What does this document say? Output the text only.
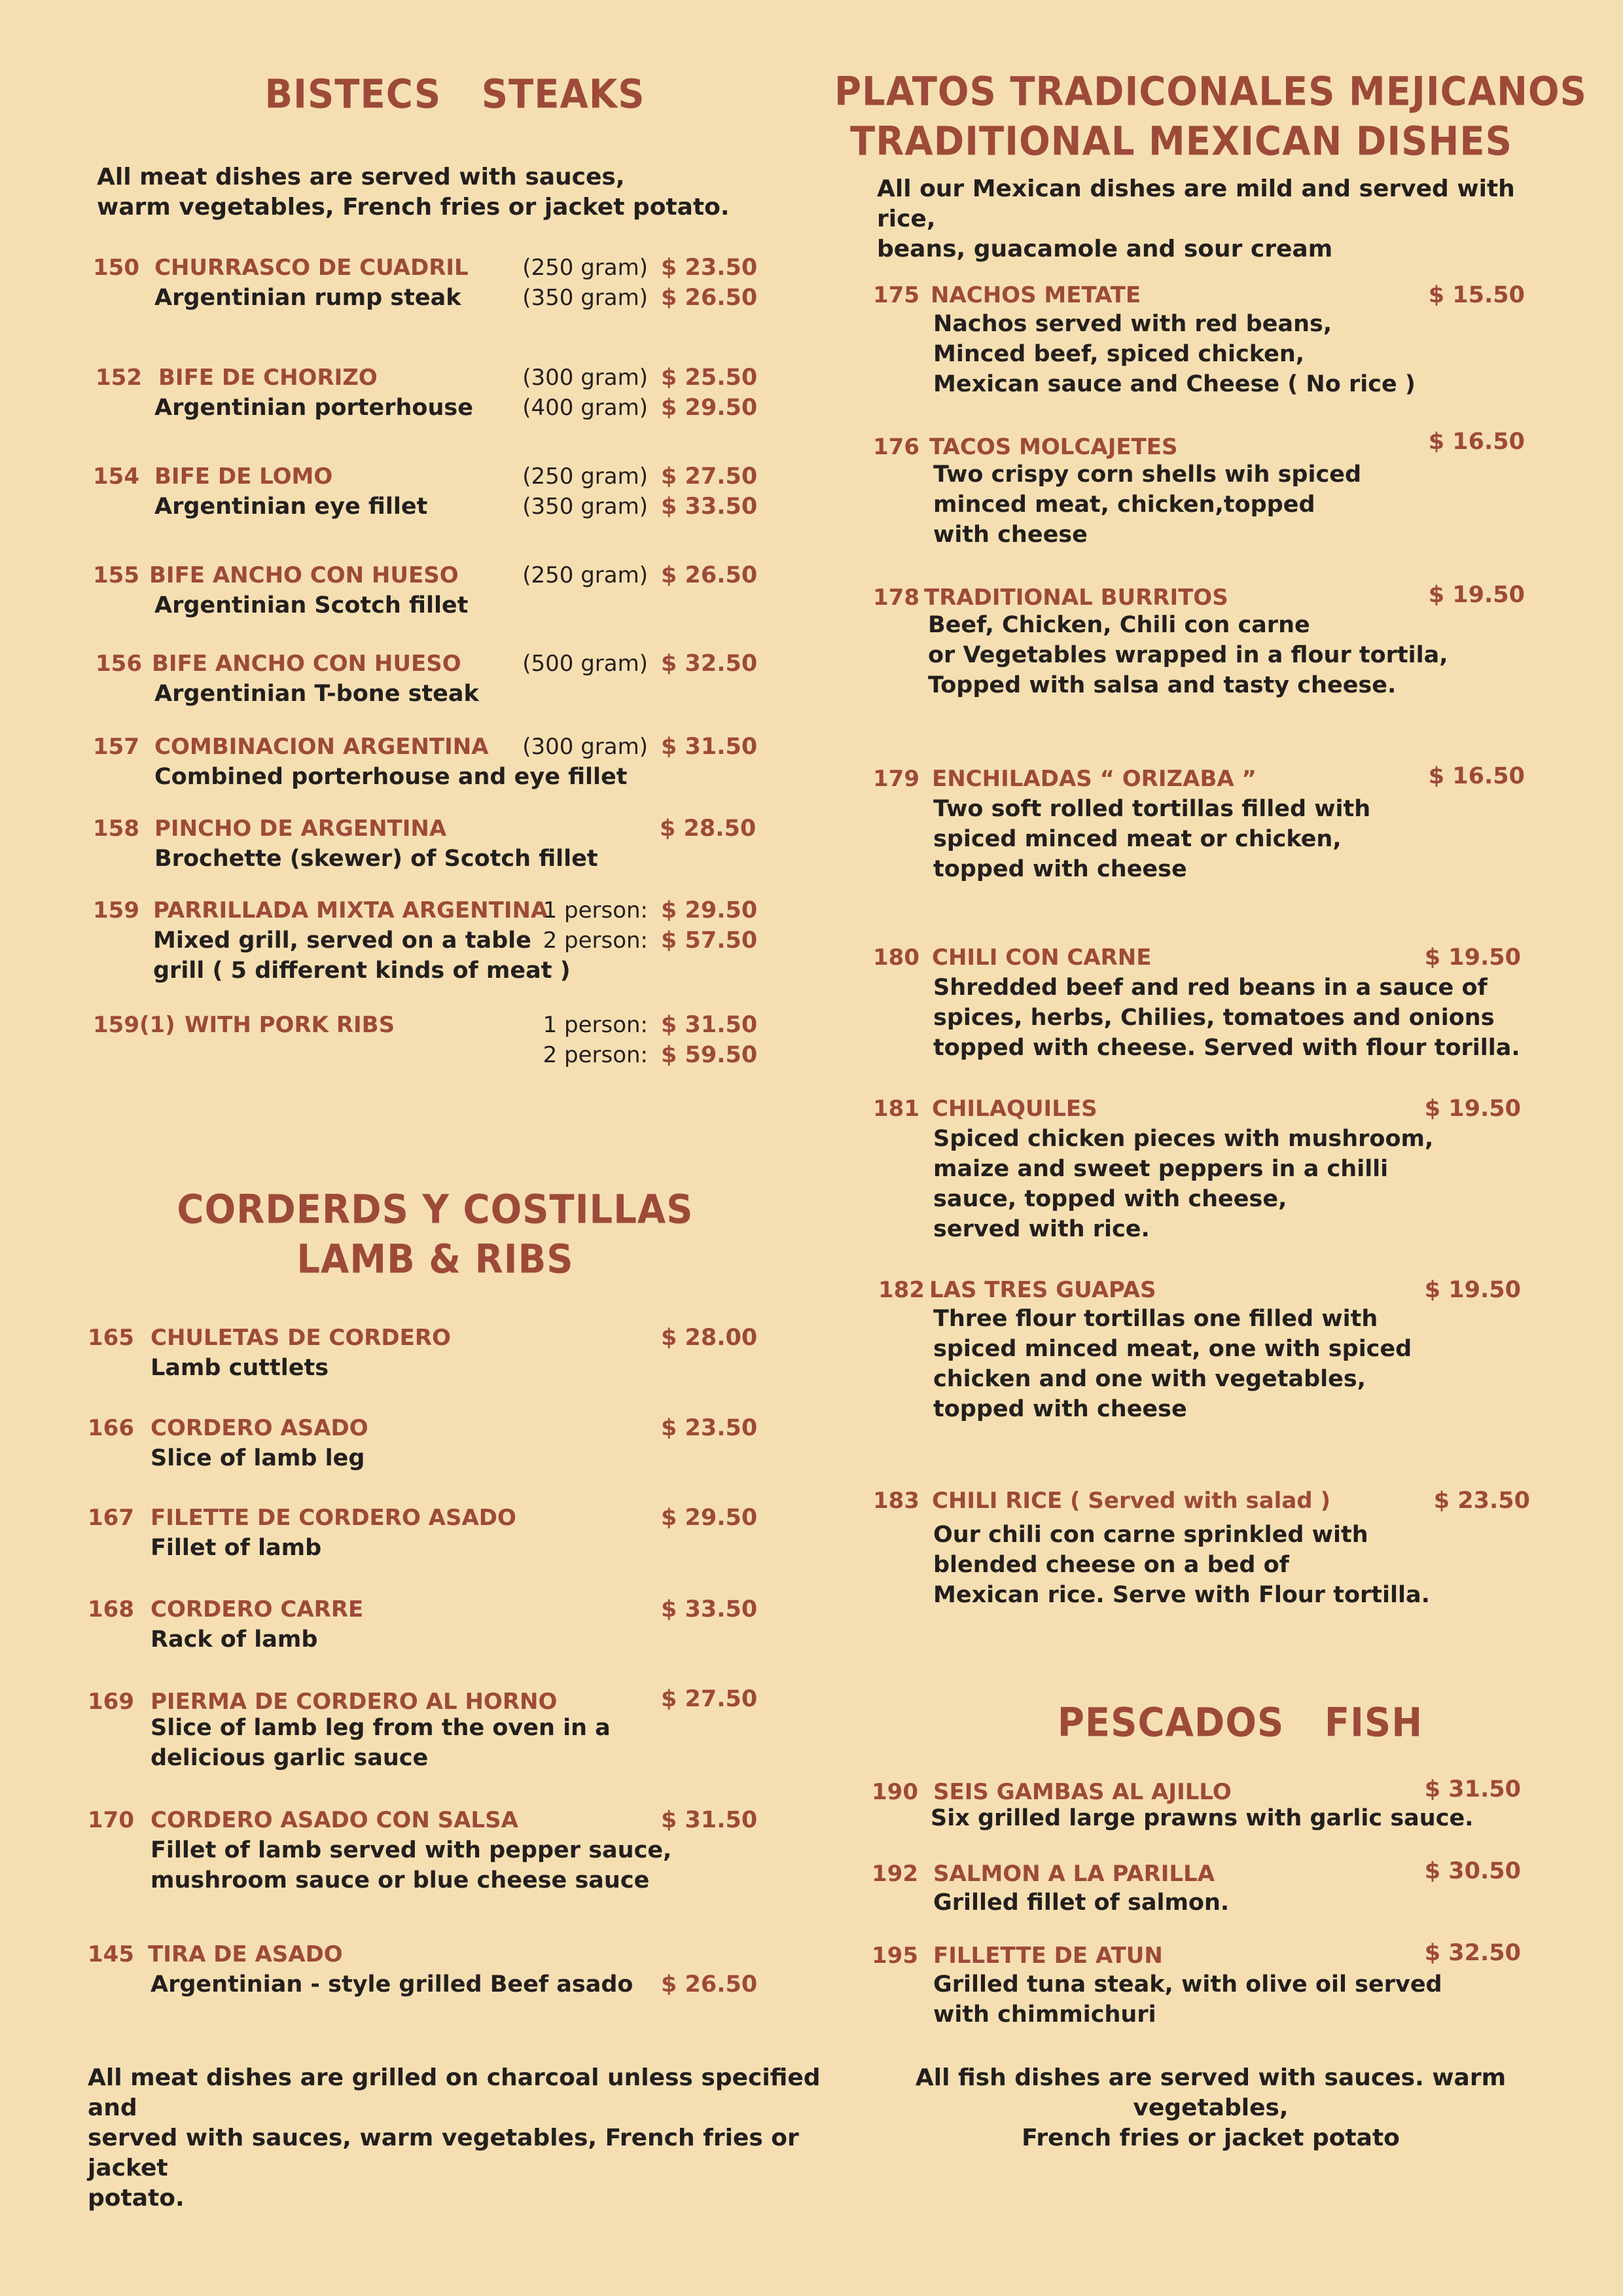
BISTECS   STEAKS
All meat dishes are served with sauces,
warm vegetables, French fries or jacket potato.
150 CHURRASCO DE CUADRIL
Argentinian rump steak
(250 gram) $ 23.50
(350 gram) $ 26.50
152 BIFE DE CHORIZO
Argentinian porterhouse
(300 gram) $ 25.50
(400 gram) $ 29.50
154 BIFE DE LOMO
Argentinian eye fillet
(250 gram) $ 27.50
(350 gram) $ 33.50
155 BIFE ANCHO CON HUESO
Argentinian Scotch fillet
(250 gram) $ 26.50
156 BIFE ANCHO CON HUESO
Argentinian T-bone steak
(500 gram) $ 32.50
157 COMBINACION ARGENTINA
Combined porterhouse and eye fillet
(300 gram) $ 31.50
158 PINCHO DE ARGENTINA
Brochette (skewer) of Scotch fillet
$ 28.50
159 PARRILLADA MIXTA ARGENTINA
Mixed grill, served on a table
grill ( 5 different kinds of meat )
1 person: $ 29.50
2 person: $ 57.50
159(1) WITH PORK RIBS	1 person: $ 31.50
2 person: $ 59.50
CORDERDS Y COSTILLAS
LAMB & RIBS
165 CHULETAS DE CORDERO	$ 28.00
Lamb cuttlets
166 CORDERO ASADO	$ 23.50
Slice of lamb leg
167 FILETTE DE CORDERO ASADO	$ 29.50
Fillet of lamb
168 CORDERO CARRE	$ 33.50
Rack of lamb
169 PIERMA DE CORDERO AL HORNO	$ 27.50
Slice of lamb leg from the oven in a
delicious garlic sauce
170 CORDERO ASADO CON SALSA	$ 31.50
Fillet of lamb served with pepper sauce,
mushroom sauce or blue cheese sauce
145 TIRA DE ASADO
Argentinian - style grilled Beef asado $ 26.50
All meat dishes are grilled on charcoal unless specified and
served with sauces, warm vegetables, French fries or jacket
potato.
PLATOS TRADICONALES MEJICANOS
TRADITIONAL MEXICAN DISHES
All our Mexican dishes are mild and served with rice,
beans, guacamole and sour cream
175 NACHOS METATE	$ 15.50
Nachos served with red beans,
Minced beef, spiced chicken,
Mexican sauce and Cheese ( No rice )
176 TACOS MOLCAJETES	$ 16.50
Two crispy corn shells wih spiced
minced meat, chicken,topped
with cheese
178 TRADITIONAL BURRITOS	$ 19.50
Beef, Chicken, Chili con carne
or Vegetables wrapped in a flour tortila,
Topped with salsa and tasty cheese.
179 ENCHILADAS “ ORIZABA ”	$ 16.50
Two soft rolled tortillas filled with
spiced minced meat or chicken,
topped with cheese
180 CHILI CON CARNE	$ 19.50
Shredded beef and red beans in a sauce of
spices, herbs, Chilies, tomatoes and onions
topped with cheese. Served with flour torilla.
181 CHILAQUILES	$ 19.50
Spiced chicken pieces with mushroom,
maize and sweet peppers in a chilli
sauce, topped with cheese,
served with rice.
182 LAS TRES GUAPAS	$ 19.50
Three flour tortillas one filled with
spiced minced meat, one with spiced
chicken and one with vegetables,
topped with cheese
183 CHILI RICE ( Served with salad )	$ 23.50
Our chili con carne sprinkled with
blended cheese on a bed of
Mexican rice. Serve with Flour tortilla.
PESCADOS   FISH
190 SEIS GAMBAS AL AJILLO	$ 31.50
Six grilled large prawns with garlic sauce.
192 SALMON A LA PARILLA	$ 30.50
Grilled fillet of salmon.
195 FILLETTE DE ATUN	$ 32.50
Grilled tuna steak, with olive oil served
with chimmichuri
All fish dishes are served with sauces. warm vegetables,
French fries or jacket potato
